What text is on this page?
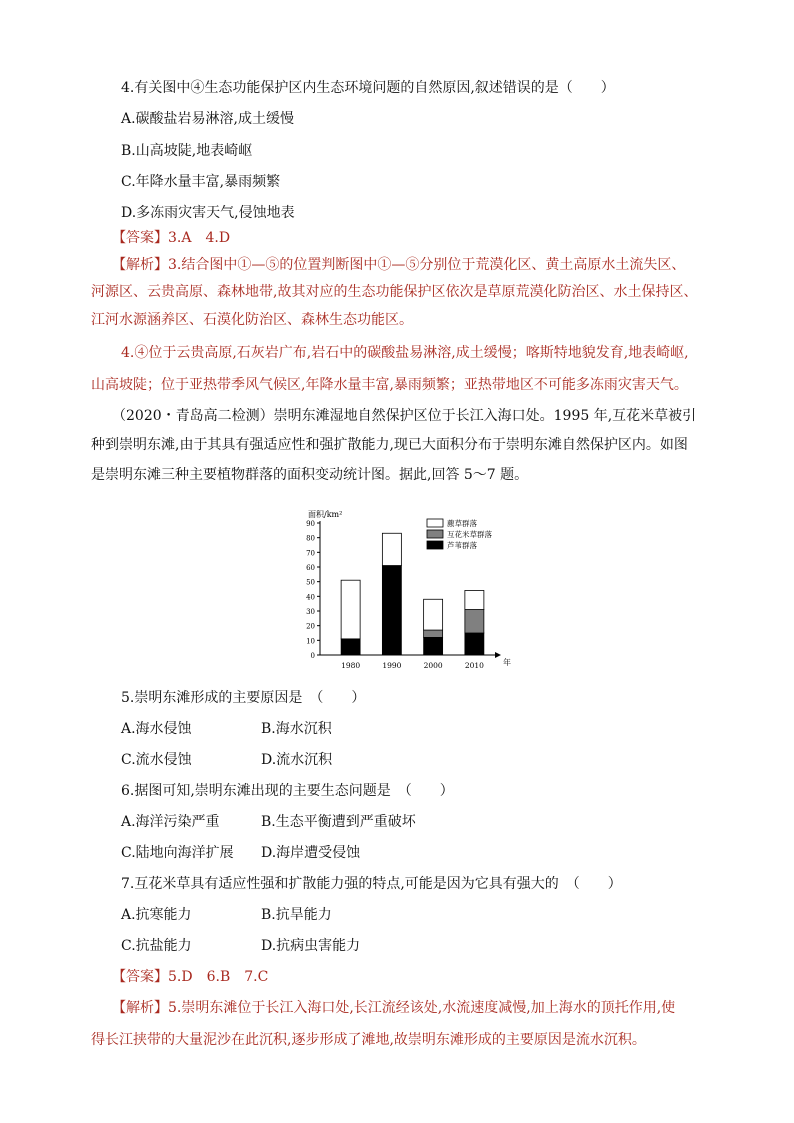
4.有关图中④生态功能保护区内生态环境问题的自然原因,叙述错误的是（　　）
A.碳酸盐岩易淋溶,成土缓慢
B.山高坡陡,地表崎岖
C.年降水量丰富,暴雨频繁
D.多冻雨灾害天气,侵蚀地表
【答案】3.A　4.D
【解析】3.结合图中①—⑤的位置判断图中①—⑤分别位于荒漠化区、黄土高原水土流失区、
河源区、云贵高原、森林地带,故其对应的生态功能保护区依次是草原荒漠化防治区、水土保持区、
江河水源涵养区、石漠化防治区、森林生态功能区。
4.④位于云贵高原,石灰岩广布,岩石中的碳酸盐易淋溶,成土缓慢；喀斯特地貌发育,地表崎岖,
山高坡陡；位于亚热带季风气候区,年降水量丰富,暴雨频繁；亚热带地区不可能多冻雨灾害天气。
（2020・青岛高二检测）崇明东滩湿地自然保护区位于长江入海口处。1995 年,互花米草被引
种到崇明东滩,由于其具有强适应性和强扩散能力,现已大面积分布于崇明东滩自然保护区内。如图
是崇明东滩三种主要植物群落的面积变动统计图。据此,回答 5～7 题。
面积/km²
年
0
10
20
30
40
50
60
70
80
90
1980	1990	2000	2010
藨草群落
互花米草群落
芦苇群落
5.崇明东滩形成的主要原因是　（　　）
A.海水侵蚀	B.海水沉积
C.流水侵蚀	D.流水沉积
6.据图可知,崇明东滩出现的主要生态问题是　（　　）
A.海洋污染严重	B.生态平衡遭到严重破坏
C.陆地向海洋扩展 D.海岸遭受侵蚀
7.互花米草具有适应性强和扩散能力强的特点,可能是因为它具有强大的　（　　）
A.抗寒能力	B.抗旱能力
C.抗盐能力	D.抗病虫害能力
【答案】5.D　6.B　7.C
【解析】5.崇明东滩位于长江入海口处,长江流经该处,水流速度减慢,加上海水的顶托作用,使
得长江挟带的大量泥沙在此沉积,逐步形成了滩地,故崇明东滩形成的主要原因是流水沉积。
